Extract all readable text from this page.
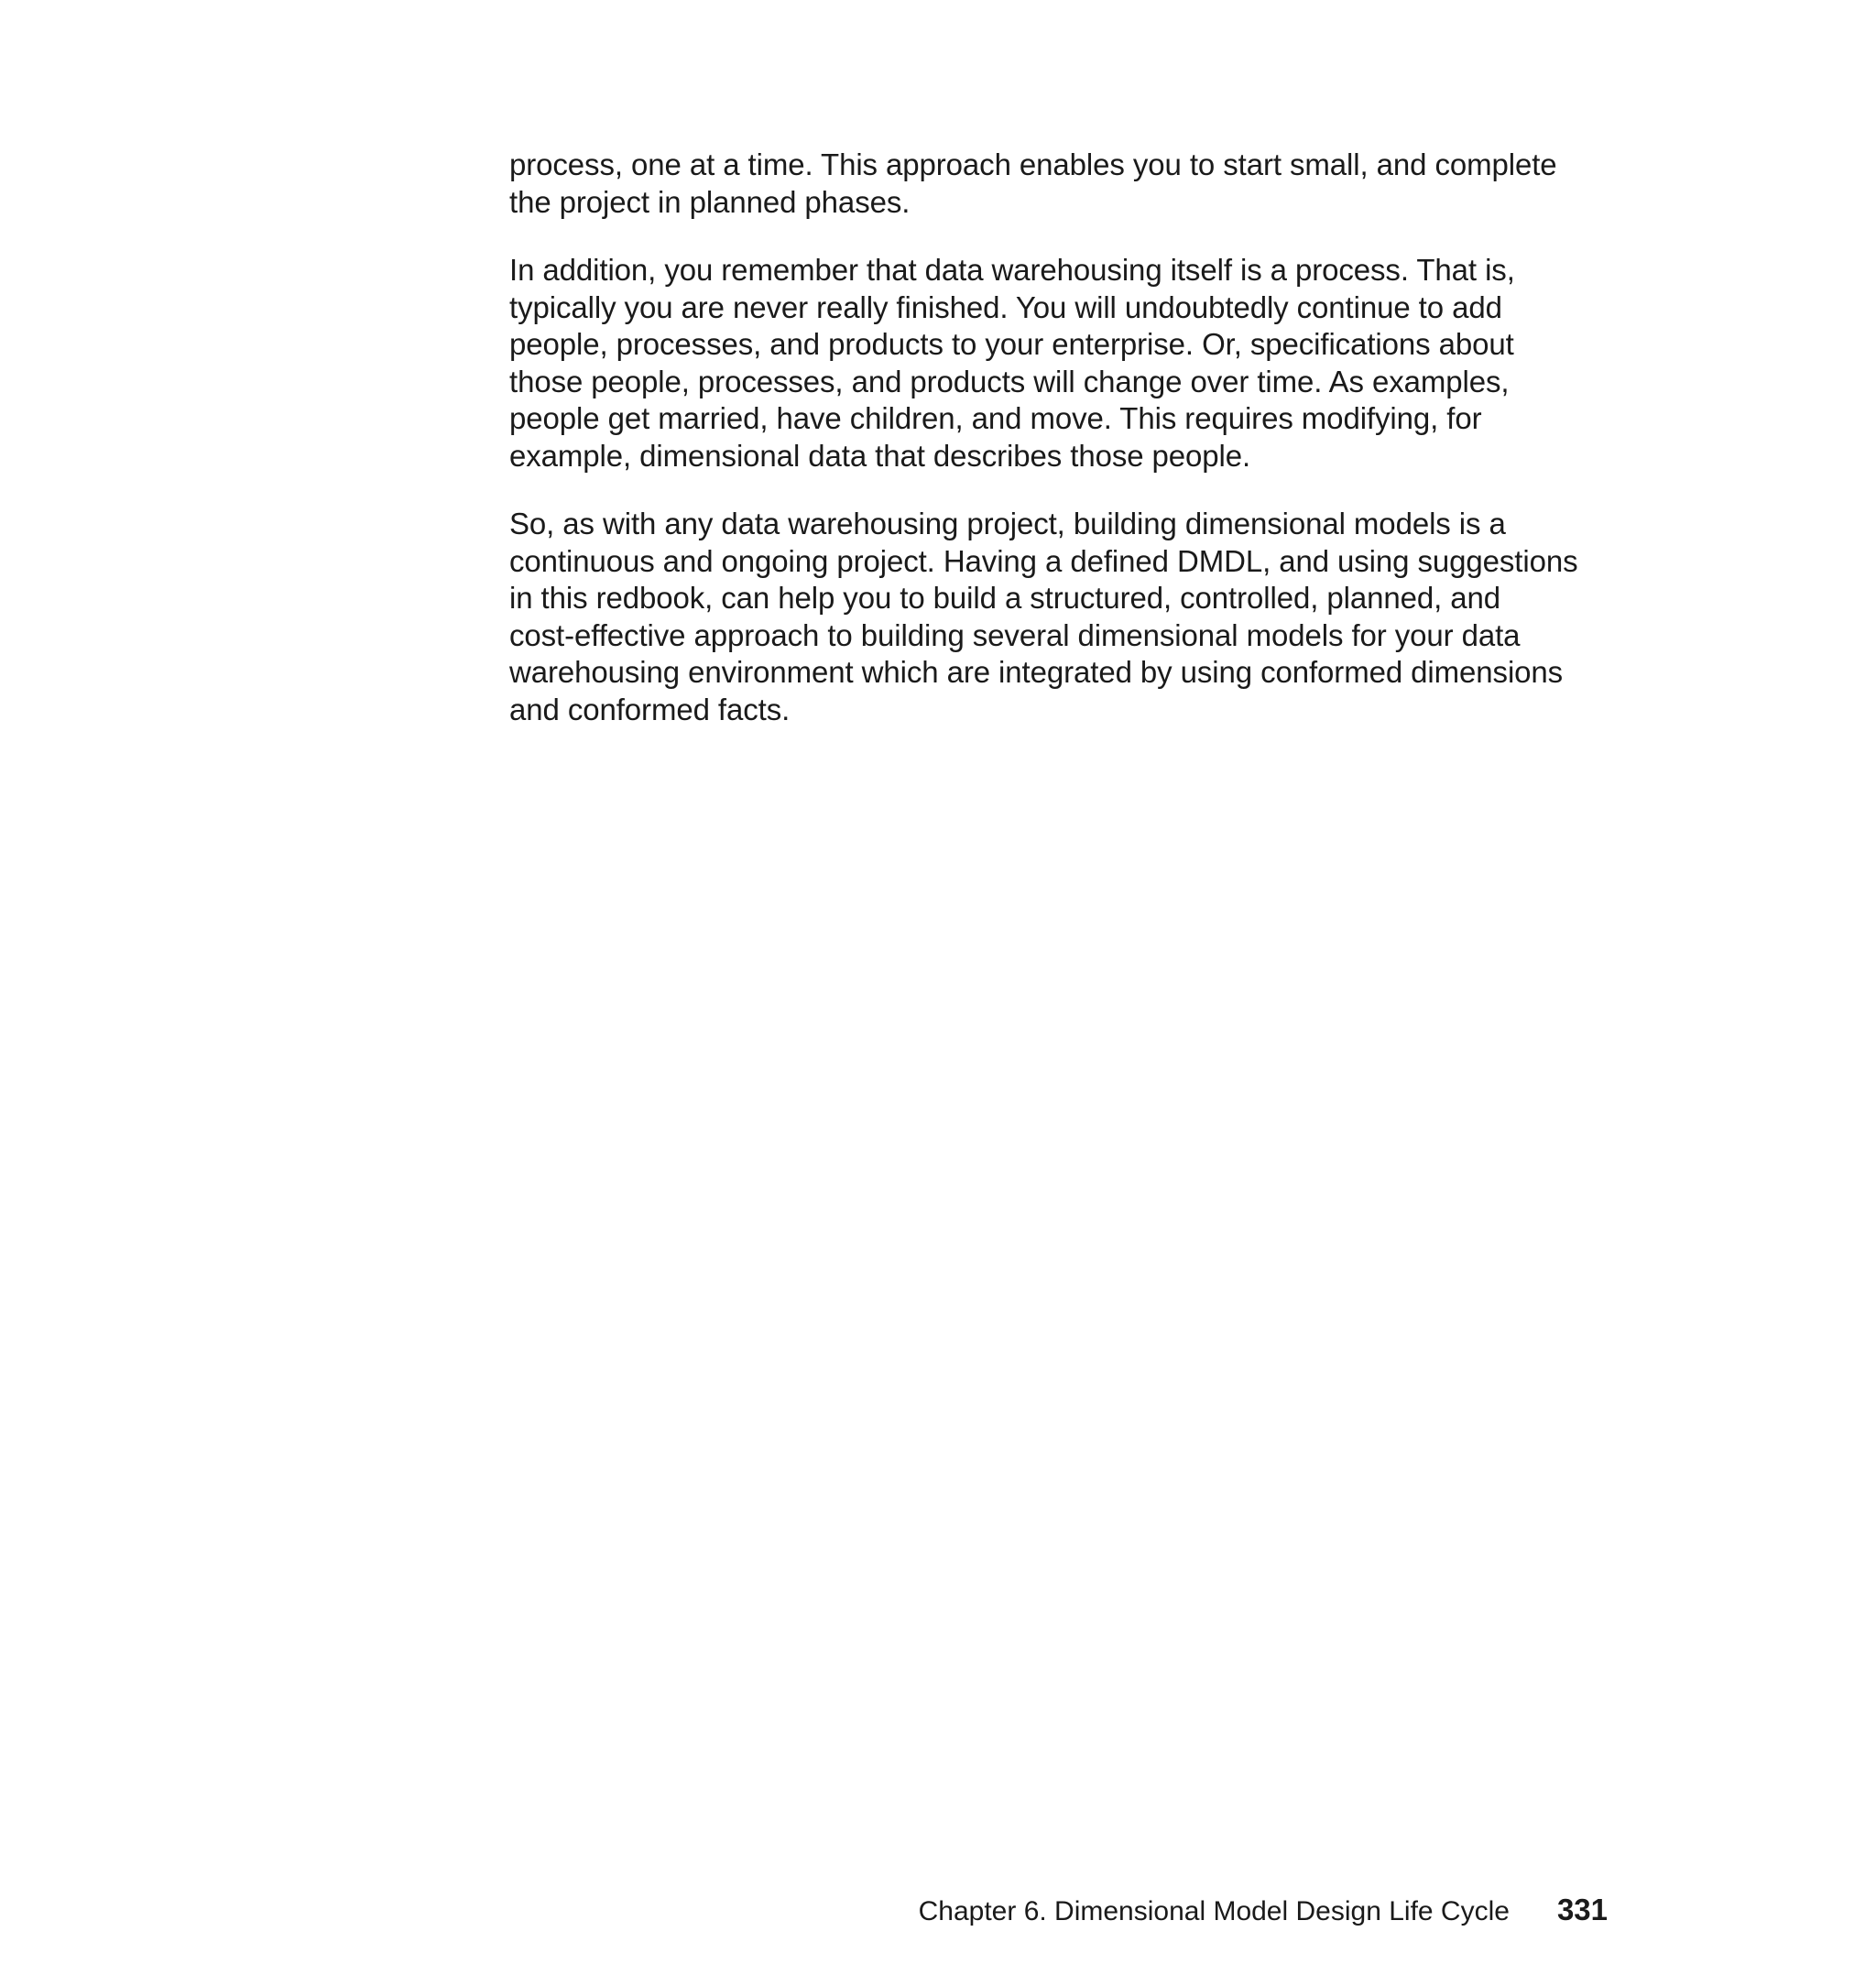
process, one at a time. This approach enables you to start small, and complete
the project in planned phases.

In addition, you remember that data warehousing itself is a process. That is,
typically you are never really finished. You will undoubtedly continue to add
people, processes, and products to your enterprise. Or, specifications about
those people, processes, and products will change over time. As examples,
people get married, have children, and move. This requires modifying, for
example, dimensional data that describes those people.

So, as with any data warehousing project, building dimensional models is a
continuous and ongoing project. Having a defined DMDL, and using suggestions
in this redbook, can help you to build a structured, controlled, planned, and
cost-effective approach to building several dimensional models for your data
warehousing environment which are integrated by using conformed dimensions
and conformed facts.

Chapter 6. Dimensional Model Design Life Cycle 331
